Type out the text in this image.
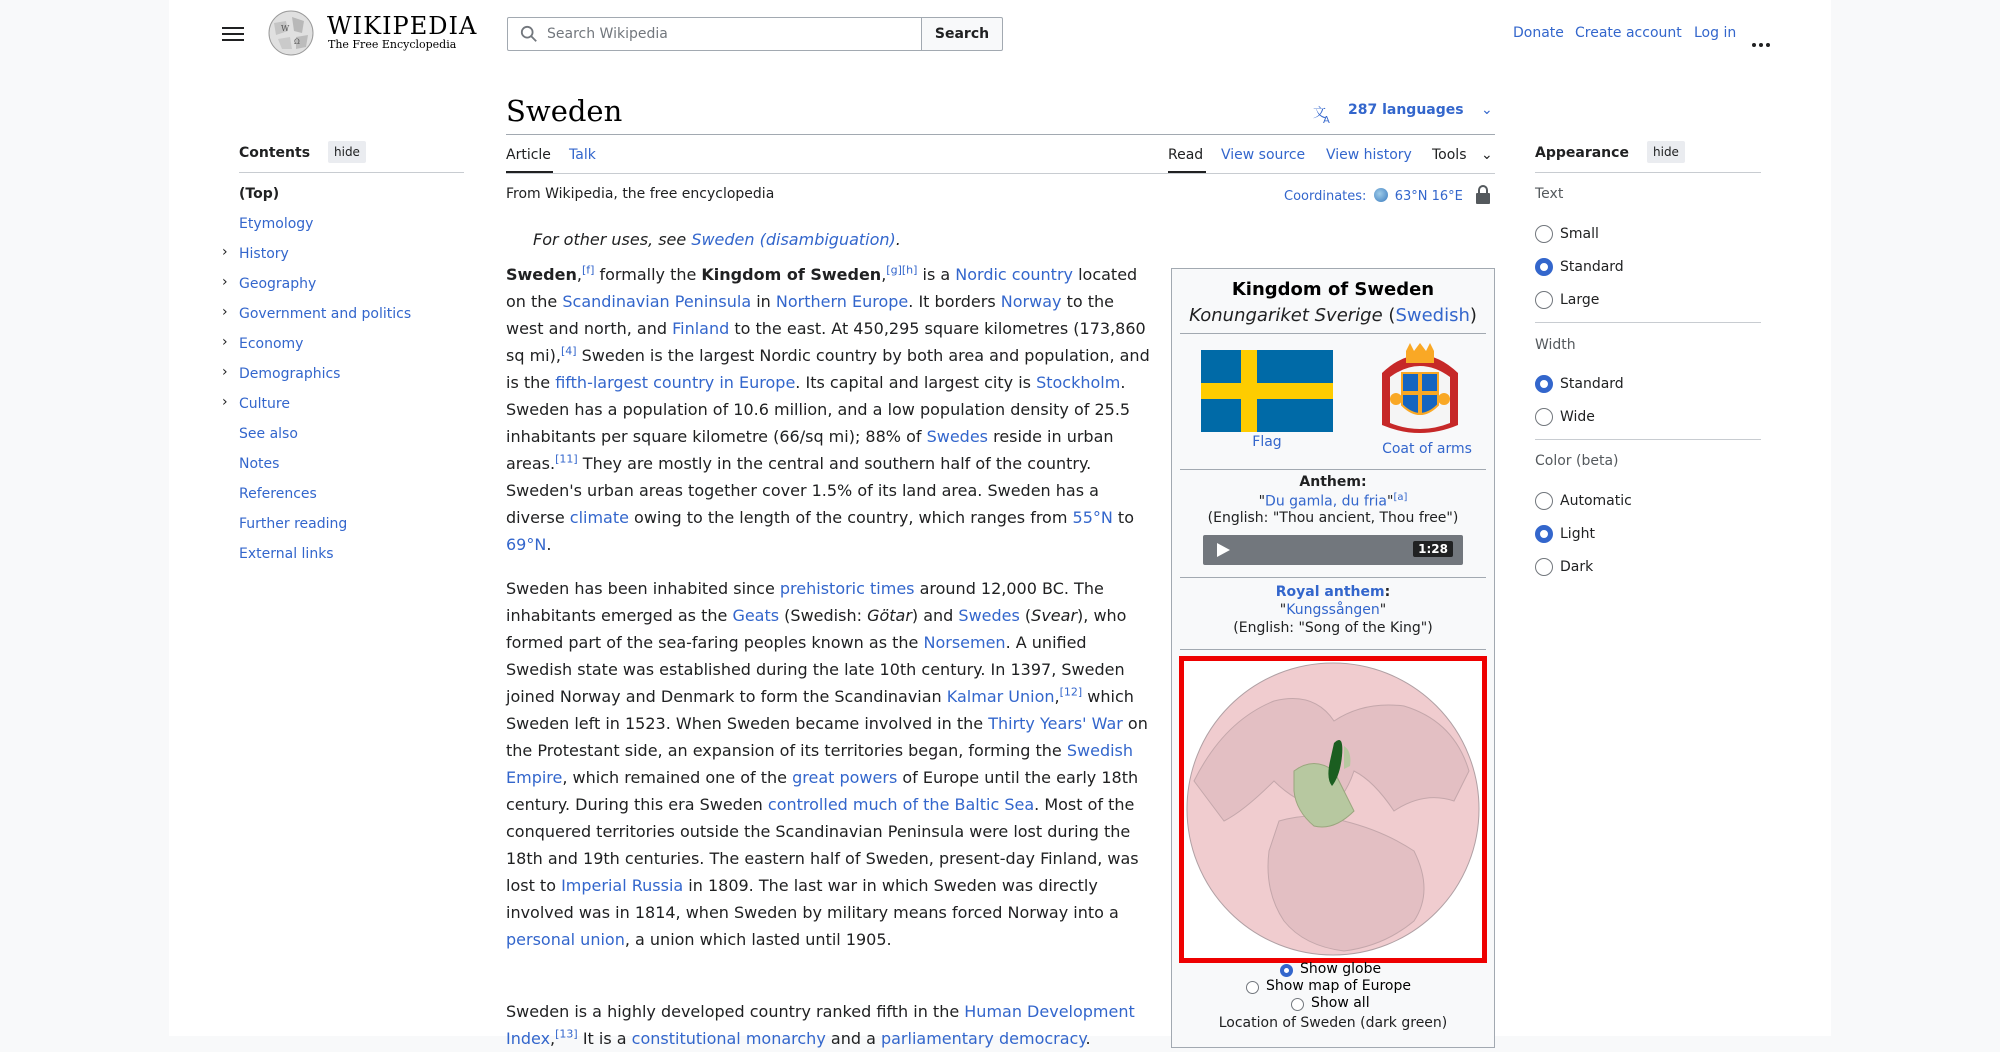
W
Ω
WIKIPEDIA
The Free Encyclopedia
Search Wikipedia
Search	Donate Create account Log in
Contents	hide
(Top)
Etymology
› History
› Geography
› Government and politics
› Economy
› Demographics
› Culture
See also
Notes
References
Further reading
External links
Sweden	文
A
287 languages ⌄
Article Talk	Read View source View history Tools ⌄
From Wikipedia, the free encyclopedia	Coordinates: 63°N 16°E
For other uses, see Sweden (disambiguation).
Sweden,[f] formally the Kingdom of Sweden,[g][h] is a Nordic country located on the Scandinavian Peninsula in Northern Europe. It borders Norway to the west and north, and Finland to the east. At 450,295 square kilometres (173,860 sq mi),[4] Sweden is the largest Nordic country by both area and population, and is the fifth-largest country in Europe. Its capital and largest city is Stockholm. Sweden has a population of 10.6 million, and a low population density of 25.5 inhabitants per square kilometre (66/sq mi); 88% of Swedes reside in urban areas.[11] They are mostly in the central and southern half of the country. Sweden's urban areas together cover 1.5% of its land area. Sweden has a diverse climate owing to the length of the country, which ranges from 55°N to 69°N.
Sweden has been inhabited since prehistoric times around 12,000 BC. The inhabitants emerged as the Geats (Swedish: Götar) and Swedes (Svear), who formed part of the sea-faring peoples known as the Norsemen. A unified Swedish state was established during the late 10th century. In 1397, Sweden joined Norway and Denmark to form the Scandinavian Kalmar Union,[12] which Sweden left in 1523. When Sweden became involved in the Thirty Years' War on the Protestant side, an expansion of its territories began, forming the Swedish Empire, which remained one of the great powers of Europe until the early 18th century. During this era Sweden controlled much of the Baltic Sea. Most of the conquered territories outside the Scandinavian Peninsula were lost during the 18th and 19th centuries. The eastern half of Sweden, present-day Finland, was lost to Imperial Russia in 1809. The last war in which Sweden was directly involved was in 1814, when Sweden by military means forced Norway into a personal union, a union which lasted until 1905.
Sweden is a highly developed country ranked fifth in the Human Development Index,[13] It is a constitutional monarchy and a parliamentary democracy.
Kingdom of Sweden
Konungariket Sverige (Swedish)
Flag	Coat of arms
Anthem:
"Du gamla, du fria"[a]
(English: "Thou ancient, Thou free")
1:28
Royal anthem:
"Kungssången"
(English: "Song of the King")
Show globe
Show map of Europe
Show all
Location of Sweden (dark green)
Appearance	hide
Text
Small
Standard
Large
Width
Standard
Wide
Color (beta)
Automatic
Light
Dark
